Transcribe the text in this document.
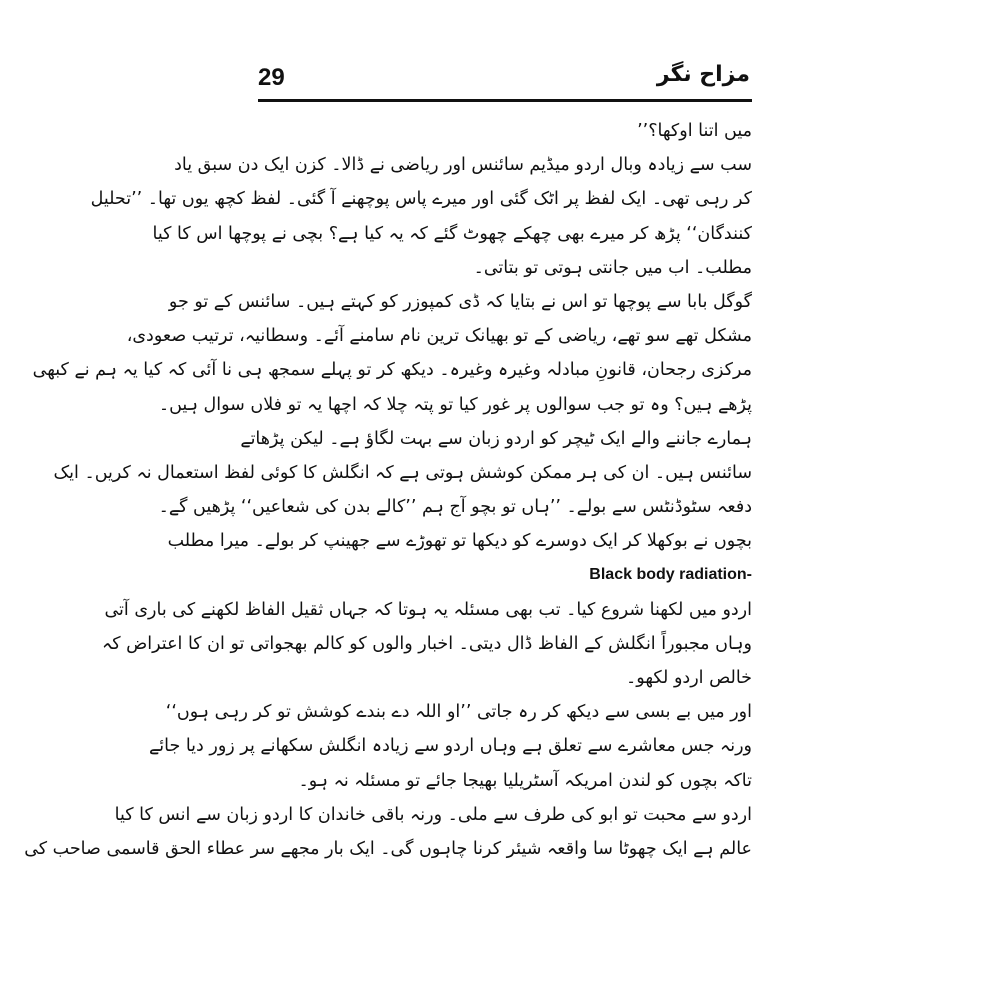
29	مزاح نگر
میں اتنا اوکھا؟’’
سب سے زیادہ وبال اردو میڈیم سائنس اور ریاضی نے ڈالا۔ کزن ایک دن سبق یاد
کر رہی تھی۔ ایک لفظ پر اٹک گئی اور میرے پاس پوچھنے آ گئی۔ لفظ کچھ یوں تھا۔ ’’تحلیل
کنندگان‘‘ پڑھ کر میرے بھی چھکے چھوٹ گئے کہ یہ کیا ہے؟ بچی نے پوچھا اس کا کیا
مطلب۔ اب میں جانتی ہوتی تو بتاتی۔
گوگل بابا سے پوچھا تو اس نے بتایا کہ ڈی کمپوزر کو کہتے ہیں۔ سائنس کے تو جو
مشکل تھے سو تھے، ریاضی کے تو بھیانک ترین نام سامنے آئے۔ وسطانیہ، ترتیب صعودی،
مرکزی رجحان، قانونِ مبادلہ وغیرہ وغیرہ۔ دیکھ کر تو پہلے سمجھ ہی نا آئی کہ کیا یہ ہم نے کبھی
پڑھے ہیں؟ وہ تو جب سوالوں پر غور کیا تو پتہ چلا کہ اچھا یہ تو فلاں سوال ہیں۔
ہمارے جاننے والے ایک ٹیچر کو اردو زبان سے بہت لگاؤ ہے۔ لیکن پڑھاتے
سائنس ہیں۔ ان کی ہر ممکن کوشش ہوتی ہے کہ انگلش کا کوئی لفظ استعمال نہ کریں۔ ایک
دفعہ سٹوڈنٹس سے بولے۔ ’’ہاں تو بچو آج ہم ’’کالے بدن کی شعاعیں‘‘ پڑھیں گے۔
بچوں نے بوکھلا کر ایک دوسرے کو دیکھا تو تھوڑے سے جھینپ کر بولے۔ میرا مطلب
Black body radiation-
اردو میں لکھنا شروع کیا۔ تب بھی مسئلہ یہ ہوتا کہ جہاں ثقیل الفاظ لکھنے کی باری آتی
وہاں مجبوراً انگلش کے الفاظ ڈال دیتی۔ اخبار والوں کو کالم بھجواتی تو ان کا اعتراض کہ
خالص اردو لکھو۔
اور میں بے بسی سے دیکھ کر رہ جاتی ’’او اللہ دے بندے کوشش تو کر رہی ہوں‘‘
ورنہ جس معاشرے سے تعلق ہے وہاں اردو سے زیادہ انگلش سکھانے پر زور دیا جائے
تاکہ بچوں کو لندن امریکہ آسٹریلیا بھیجا جائے تو مسئلہ نہ ہو۔
اردو سے محبت تو ابو کی طرف سے ملی۔ ورنہ باقی خاندان کا اردو زبان سے انس کا کیا
عالم ہے ایک چھوٹا سا واقعہ شیئر کرنا چاہوں گی۔ ایک بار مجھے سر عطاء الحق قاسمی صاحب کی
